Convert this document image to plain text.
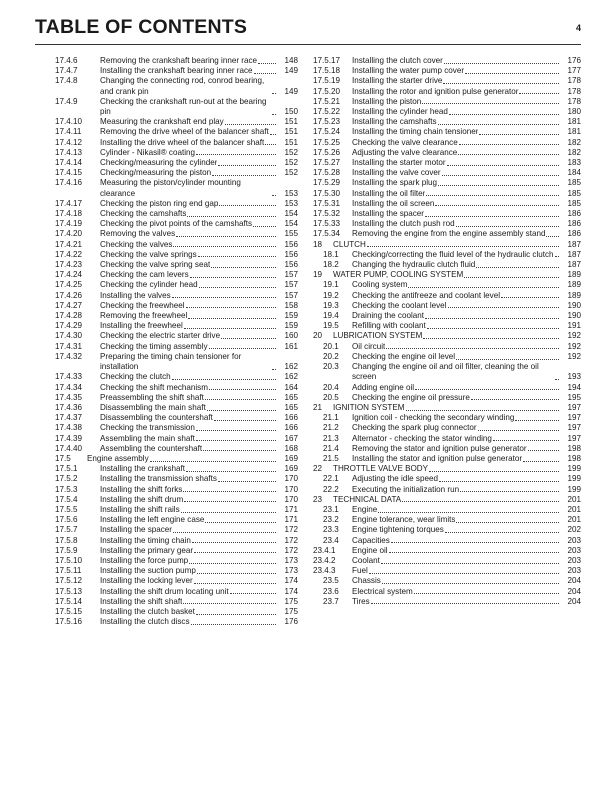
TABLE OF CONTENTS	4
17.4.6	Removing the crankshaft bearing inner race	148
17.4.7	Installing the crankshaft bearing inner race	149
17.4.8	Changing the connecting rod, conrod bearing, and crank pin	149
17.4.9	Checking the crankshaft run-out at the bearing pin	150
17.4.10	Measuring the crankshaft end play	151
17.4.11	Removing the drive wheel of the balancer shaft	151
17.4.12	Installing the drive wheel of the balancer shaft	151
17.4.13	Cylinder - Nikasil® coating	152
17.4.14	Checking/measuring the cylinder	152
17.4.15	Checking/measuring the piston	152
17.4.16	Measuring the piston/cylinder mounting clearance	153
17.4.17	Checking the piston ring end gap	153
17.4.18	Checking the camshafts	154
17.4.19	Checking the pivot points of the camshafts	154
17.4.20	Removing the valves	155
17.4.21	Checking the valves	156
17.4.22	Checking the valve springs	156
17.4.23	Checking the valve spring seat	156
17.4.24	Checking the cam levers	157
17.4.25	Checking the cylinder head	157
17.4.26	Installing the valves	157
17.4.27	Checking the freewheel	158
17.4.28	Removing the freewheel	159
17.4.29	Installing the freewheel	159
17.4.30	Checking the electric starter drive	160
17.4.31	Checking the timing assembly	161
17.4.32	Preparing the timing chain tensioner for installation	162
17.4.33	Checking the clutch	162
17.4.34	Checking the shift mechanism	164
17.4.35	Preassembling the shift shaft	165
17.4.36	Disassembling the main shaft	165
17.4.37	Disassembling the countershaft	166
17.4.38	Checking the transmission	166
17.4.39	Assembling the main shaft	167
17.4.40	Assembling the countershaft	168
17.5	Engine assembly	169
17.5.1	Installing the crankshaft	169
17.5.2	Installing the transmission shafts	170
17.5.3	Installing the shift forks	170
17.5.4	Installing the shift drum	170
17.5.5	Installing the shift rails	171
17.5.6	Installing the left engine case	171
17.5.7	Installing the spacer	172
17.5.8	Installing the timing chain	172
17.5.9	Installing the primary gear	172
17.5.10	Installing the force pump	173
17.5.11	Installing the suction pump	173
17.5.12	Installing the locking lever	174
17.5.13	Installing the shift drum locating unit	174
17.5.14	Installing the shift shaft	175
17.5.15	Installing the clutch basket	175
17.5.16	Installing the clutch discs	176
17.5.17	Installing the clutch cover	176
17.5.18	Installing the water pump cover	177
17.5.19	Installing the starter drive	178
17.5.20	Installing the rotor and ignition pulse generator	178
17.5.21	Installing the piston	178
17.5.22	Installing the cylinder head	180
17.5.23	Installing the camshafts	181
17.5.24	Installing the timing chain tensioner	181
17.5.25	Checking the valve clearance	182
17.5.26	Adjusting the valve clearance	182
17.5.27	Installing the starter motor	183
17.5.28	Installing the valve cover	184
17.5.29	Installing the spark plug	185
17.5.30	Installing the oil filter	185
17.5.31	Installing the oil screen	185
17.5.32	Installing the spacer	186
17.5.33	Installing the clutch push rod	186
17.5.34	Removing the engine from the engine assembly stand	186
18	CLUTCH	187
18.1	Checking/correcting the fluid level of the hydraulic clutch	187
18.2	Changing the hydraulic clutch fluid	187
19	WATER PUMP, COOLING SYSTEM	189
19.1	Cooling system	189
19.2	Checking the antifreeze and coolant level	189
19.3	Checking the coolant level	190
19.4	Draining the coolant	190
19.5	Refilling with coolant	191
20	LUBRICATION SYSTEM	192
20.1	Oil circuit	192
20.2	Checking the engine oil level	192
20.3	Changing the engine oil and oil filter, cleaning the oil screen	193
20.4	Adding engine oil	194
20.5	Checking the engine oil pressure	195
21	IGNITION SYSTEM	197
21.1	Ignition coil - checking the secondary winding	197
21.2	Checking the spark plug connector	197
21.3	Alternator - checking the stator winding	197
21.4	Removing the stator and ignition pulse generator	198
21.5	Installing the stator and ignition pulse generator	198
22	THROTTLE VALVE BODY	199
22.1	Adjusting the idle speed	199
22.2	Executing the initialization run	199
23	TECHNICAL DATA	201
23.1	Engine	201
23.2	Engine tolerance, wear limits	201
23.3	Engine tightening torques	202
23.4	Capacities	203
23.4.1	Engine oil	203
23.4.2	Coolant	203
23.4.3	Fuel	203
23.5	Chassis	204
23.6	Electrical system	204
23.7	Tires	204
